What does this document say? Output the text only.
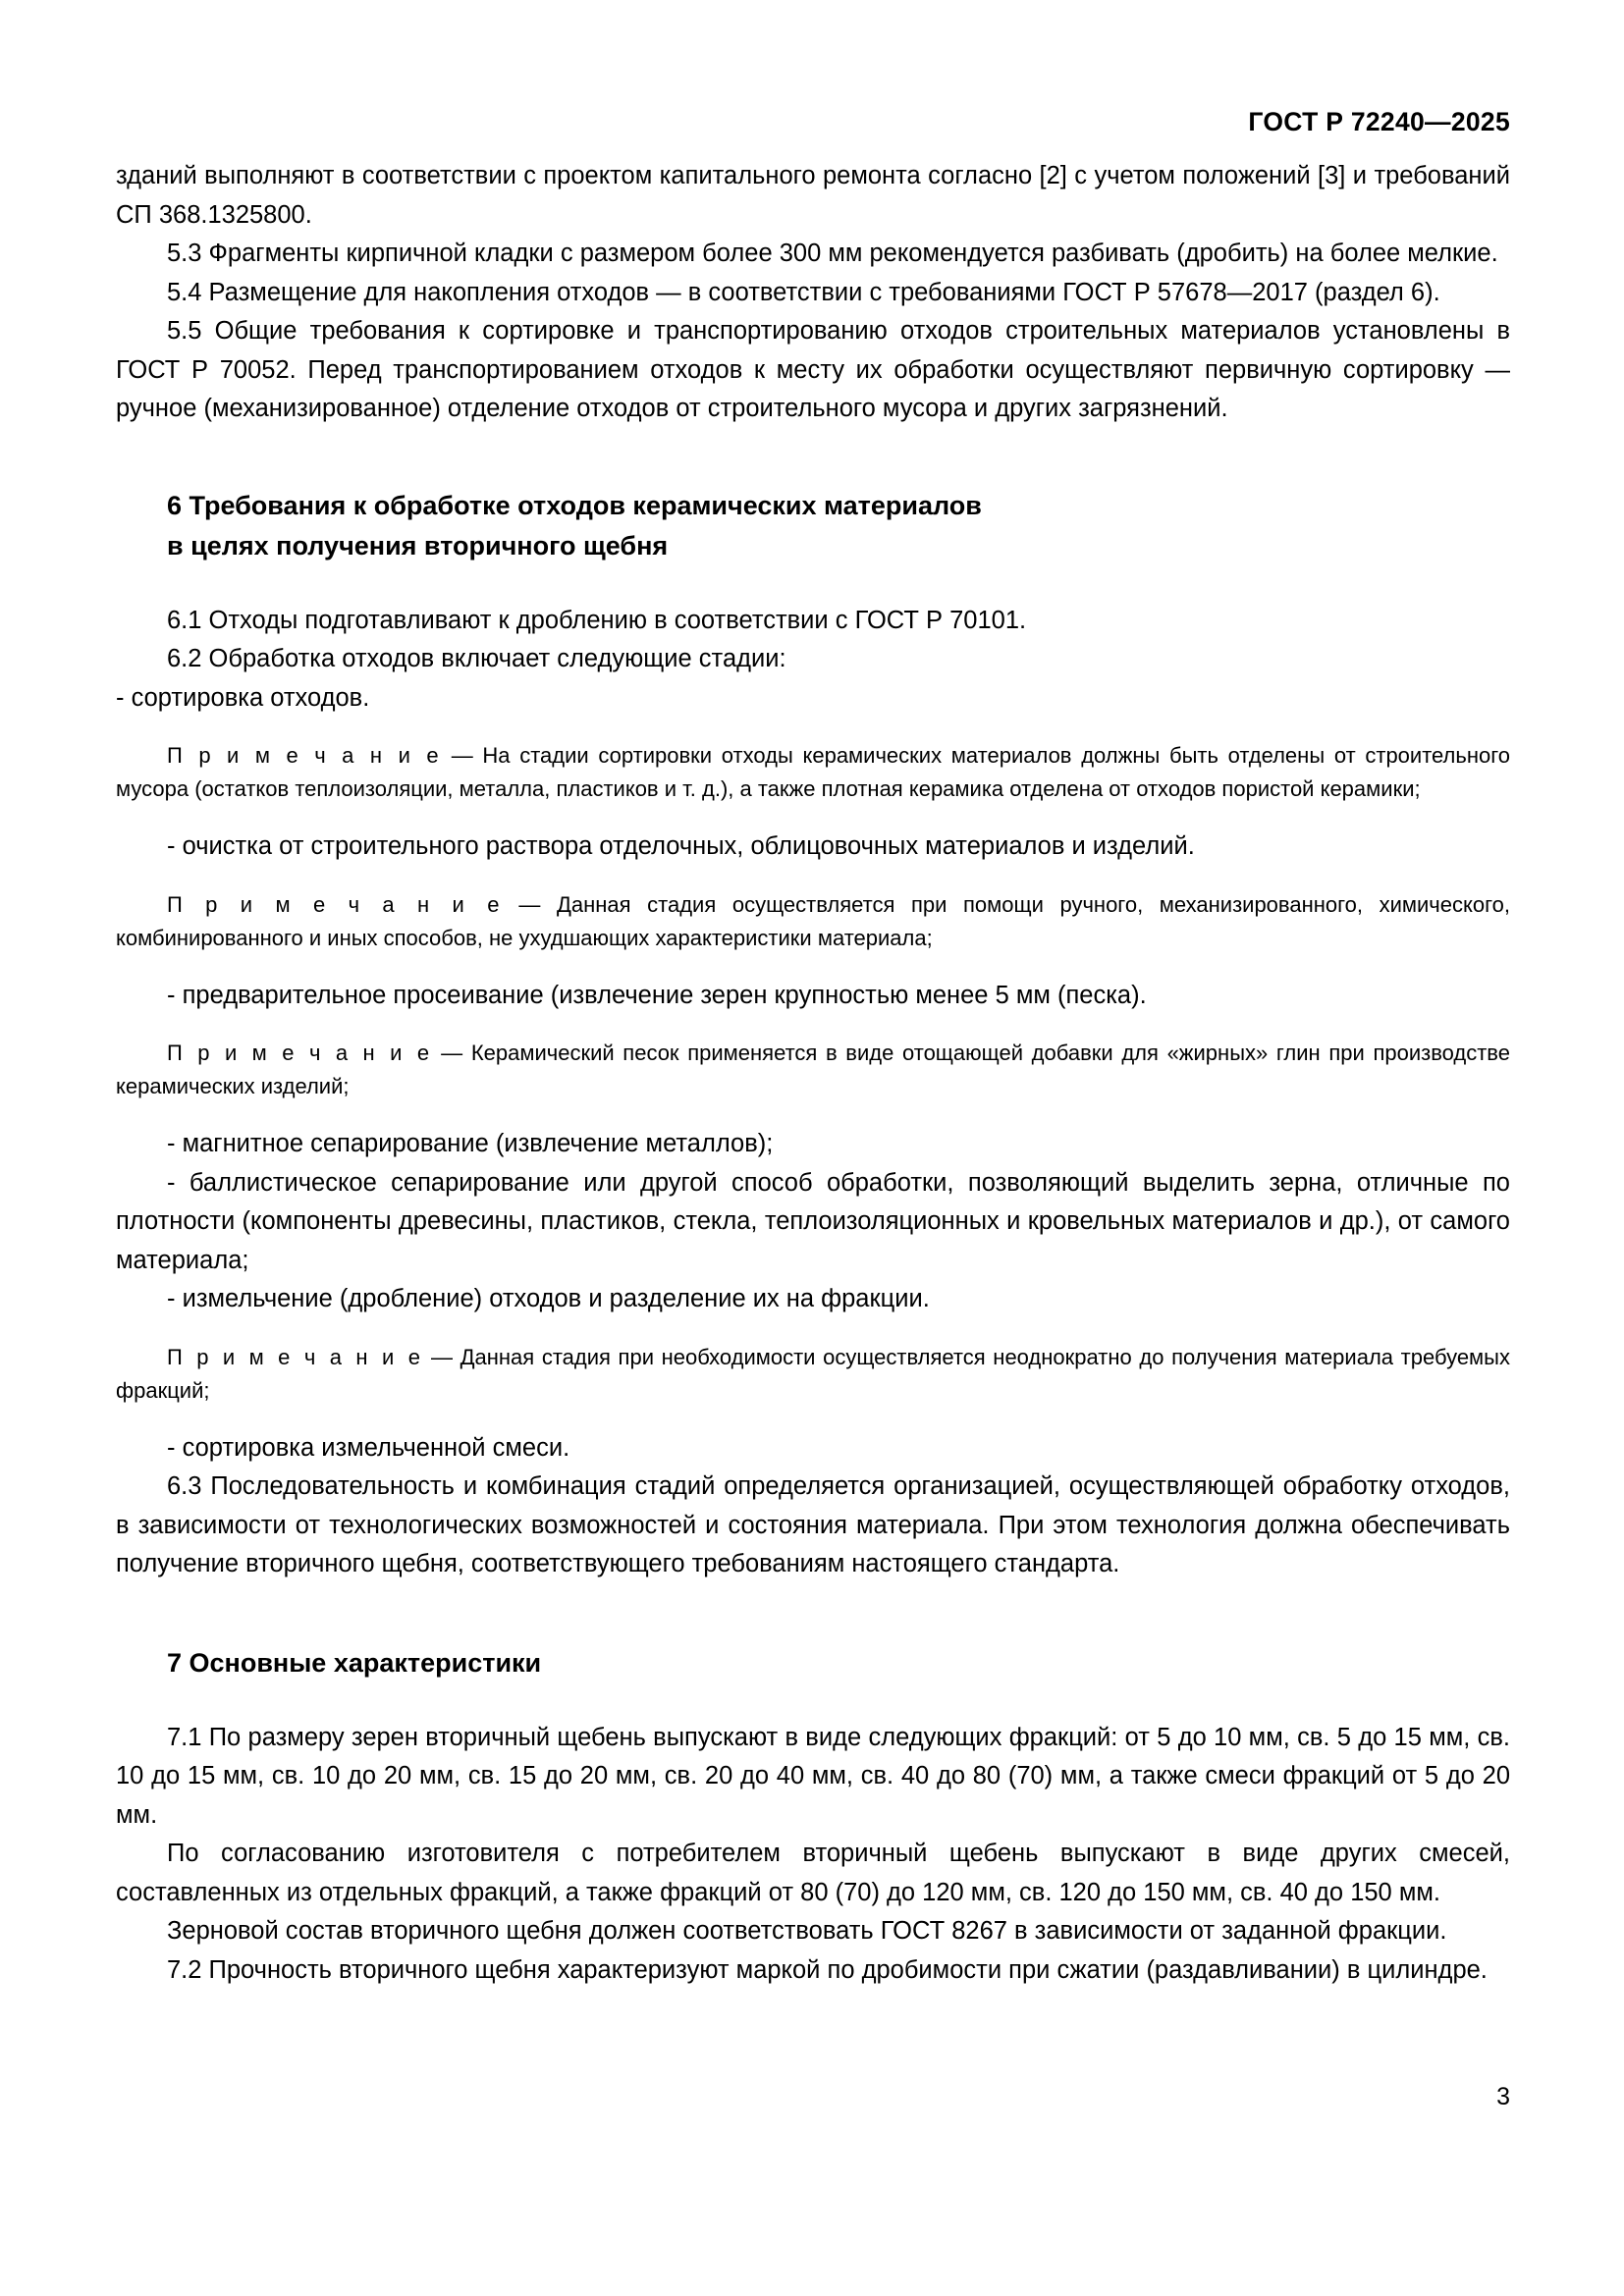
ГОСТ Р 72240—2025

зданий выполняют в соответствии с проектом капитального ремонта согласно [2] с учетом положений [3] и требований СП 368.1325800.

5.3 Фрагменты кирпичной кладки с размером более 300 мм рекомендуется разбивать (дробить) на более мелкие.

5.4 Размещение для накопления отходов — в соответствии с требованиями ГОСТ Р 57678—2017 (раздел 6).

5.5 Общие требования к сортировке и транспортированию отходов строительных материалов установлены в ГОСТ Р 70052. Перед транспортированием отходов к месту их обработки осуществляют первичную сортировку — ручное (механизированное) отделение отходов от строительного мусора и других загрязнений.

6 Требования к обработке отходов керамических материалов
в целях получения вторичного щебня

6.1 Отходы подготавливают к дроблению в соответствии с ГОСТ Р 70101.

6.2 Обработка отходов включает следующие стадии:

- сортировка отходов.

П р и м е ч а н и е — На стадии сортировки отходы керамических материалов должны быть отделены от строительного мусора (остатков теплоизоляции, металла, пластиков и т. д.), а также плотная керамика отделена от отходов пористой керамики;

- очистка от строительного раствора отделочных, облицовочных материалов и изделий.

П р и м е ч а н и е — Данная стадия осуществляется при помощи ручного, механизированного, химического, комбинированного и иных способов, не ухудшающих характеристики материала;

- предварительное просеивание (извлечение зерен крупностью менее 5 мм (песка).

П р и м е ч а н и е — Керамический песок применяется в виде отощающей добавки для «жирных» глин при производстве керамических изделий;

- магнитное сепарирование (извлечение металлов);

- баллистическое сепарирование или другой способ обработки, позволяющий выделить зерна, отличные по плотности (компоненты древесины, пластиков, стекла, теплоизоляционных и кровельных материалов и др.), от самого материала;

- измельчение (дробление) отходов и разделение их на фракции.

П р и м е ч а н и е — Данная стадия при необходимости осуществляется неоднократно до получения материала требуемых фракций;

- сортировка измельченной смеси.

6.3 Последовательность и комбинация стадий определяется организацией, осуществляющей обработку отходов, в зависимости от технологических возможностей и состояния материала. При этом технология должна обеспечивать получение вторичного щебня, соответствующего требованиям настоящего стандарта.

7 Основные характеристики

7.1 По размеру зерен вторичный щебень выпускают в виде следующих фракций: от 5 до 10 мм, св. 5 до 15 мм, св. 10 до 15 мм, св. 10 до 20 мм, св. 15 до 20 мм, св. 20 до 40 мм, св. 40 до 80 (70) мм, а также смеси фракций от 5 до 20 мм.

По согласованию изготовителя с потребителем вторичный щебень выпускают в виде других смесей, составленных из отдельных фракций, а также фракций от 80 (70) до 120 мм, св. 120 до 150 мм, св. 40 до 150 мм.

Зерновой состав вторичного щебня должен соответствовать ГОСТ 8267 в зависимости от заданной фракции.

7.2 Прочность вторичного щебня характеризуют маркой по дробимости при сжатии (раздавливании) в цилиндре.

3
